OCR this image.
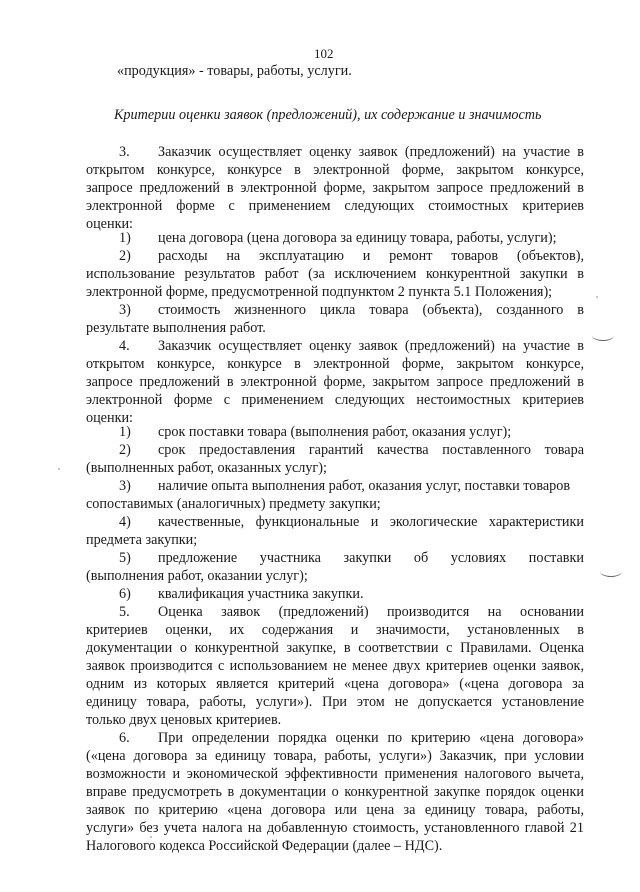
102
«продукция» - товары, работы, услуги.
Критерии оценки заявок (предложений), их содержание и значимость
3. Заказчик осуществляет оценку заявок (предложений) на участие в
открытом конкурсе, конкурсе в электронной форме, закрытом конкурсе,
запросе предложений в электронной форме, закрытом запросе предложений в
электронной форме с применением следующих стоимостных критериев
оценки:
1) цена договора (цена договора за единицу товара, работы, услуги);
2) расходы на эксплуатацию и ремонт товаров (объектов),
использование результатов работ (за исключением конкурентной закупки в
электронной форме, предусмотренной подпунктом 2 пункта 5.1 Положения);
3) стоимость жизненного цикла товара (объекта), созданного в
результате выполнения работ.
4. Заказчик осуществляет оценку заявок (предложений) на участие в
открытом конкурсе, конкурсе в электронной форме, закрытом конкурсе,
запросе предложений в электронной форме, закрытом запросе предложений в
электронной форме с применением следующих нестоимостных критериев
оценки:
1) срок поставки товара (выполнения работ, оказания услуг);
2) срок предоставления гарантий качества поставленного товара
(выполненных работ, оказанных услуг);
3) наличие опыта выполнения работ, оказания услуг, поставки товаров
сопоставимых (аналогичных) предмету закупки;
4) качественные, функциональные и экологические характеристики
предмета закупки;
5) предложение участника закупки об условиях поставки
(выполнения работ, оказании услуг);
6) квалификация участника закупки.
5. Оценка заявок (предложений) производится на основании
критериев оценки, их содержания и значимости, установленных в
документации о конкурентной закупке, в соответствии с Правилами. Оценка
заявок производится с использованием не менее двух критериев оценки заявок,
одним из которых является критерий «цена договора» («цена договора за
единицу товара, работы, услуги»). При этом не допускается установление
только двух ценовых критериев.
6. При определении порядка оценки по критерию «цена договора»
(«цена договора за единицу товара, работы, услуги») Заказчик, при условии
возможности и экономической эффективности применения налогового вычета,
вправе предусмотреть в документации о конкурентной закупке порядок оценки
заявок по критерию «цена договора или цена за единицу товара, работы,
услуги» без учета налога на добавленную стоимость, установленного главой 21
Налогового кодекса Российской Федерации (далее – НДС).
